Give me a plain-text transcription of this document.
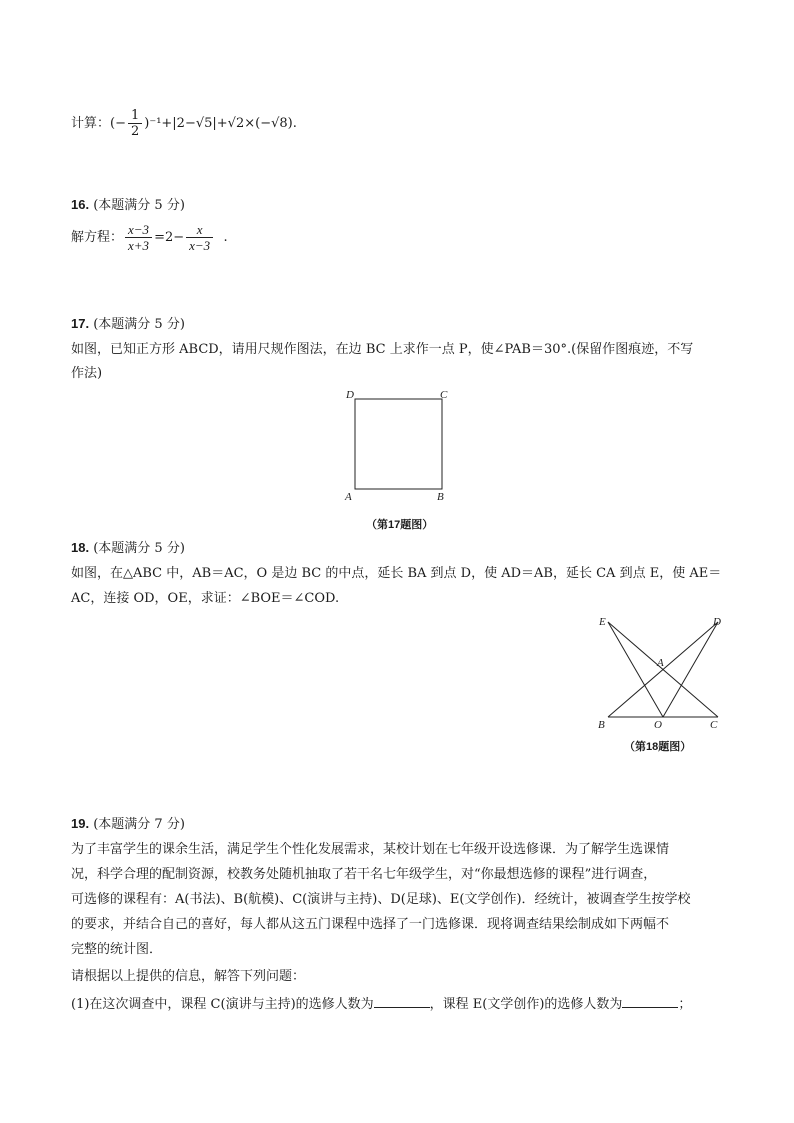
计算：(− $\frac{1}{2} )^{-1}+|2-√5|+√2\times(-√8)$.
16. (本题满分 5 分)
解方程： $\frac{x-3}{x+3} =2- \frac{x}{x-3}$ .
17. (本题满分 5 分)
如图，已知正方形 ABCD，请用尺规作图法，在边 BC 上求作一点 P，使∠PAB＝30°.(保留作图痕迹，不写
作法)
D	C
A	B
（第17题图）
18. (本题满分 5 分)
如图，在△ABC 中，AB＝AC，O 是边 BC 的中点，延长 BA 到点 D，使 AD＝AB，延长 CA 到点 E，使 AE＝
AC，连接 OD，OE，求证：∠BOE＝∠COD.
E	D
A
B	O	C
（第18题图）
19. (本题满分 7 分)
为了丰富学生的课余生活，满足学生个性化发展需求，某校计划在七年级开设选修课．为了解学生选课情
况，科学合理的配制资源，校教务处随机抽取了若干名七年级学生，对“你最想选修的课程”进行调查，
可选修的课程有：A(书法)、B(航模)、C(演讲与主持)、D(足球)、E(文学创作)．经统计，被调查学生按学校
的要求，并结合自己的喜好，每人都从这五门课程中选择了一门选修课．现将调查结果绘制成如下两幅不
完整的统计图．
请根据以上提供的信息，解答下列问题：
(1)在这次调查中，课程 C(演讲与主持)的选修人数为	，课程 E(文学创作)的选修人数为	；
